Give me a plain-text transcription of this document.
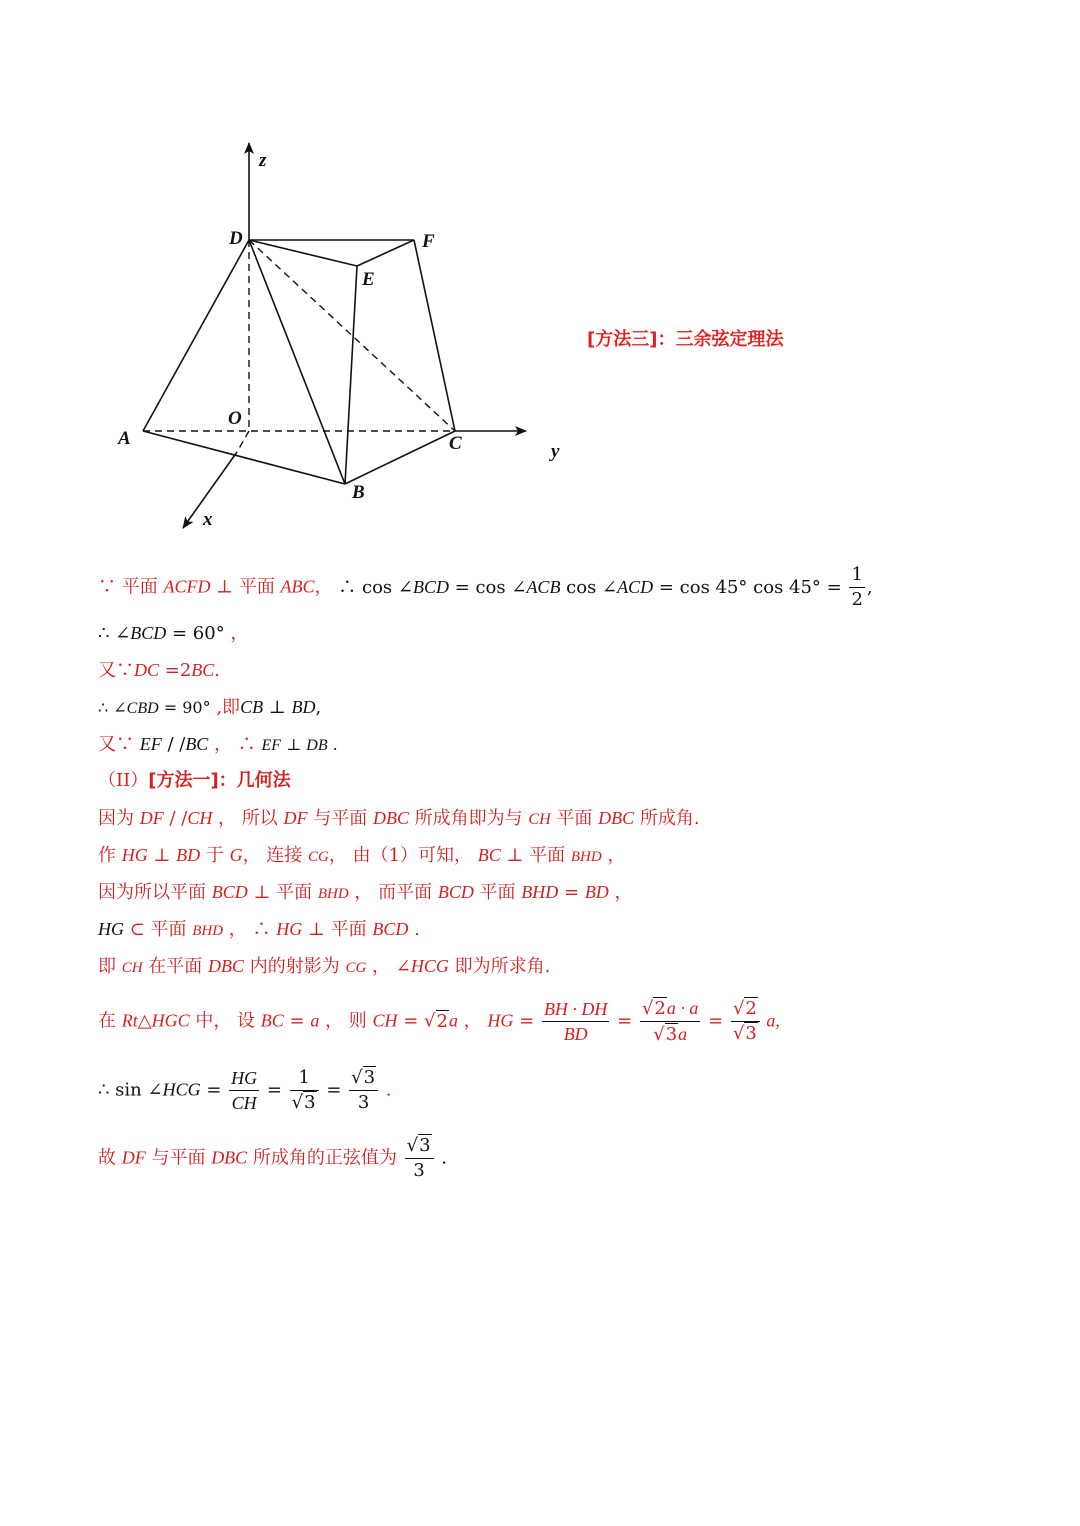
z
D	F
E
O
A	C	y
B
x
[方法三]：三余弦定理法
∵ 平面 ACFD ⊥ 平面 ABC， ∴ cos ∠BCD = cos ∠ACB cos ∠ACD = cos 45° $\cos 45^\circ = \frac{1}{2}$ ,
∴ ∠BCD = 60° ，
又∵DC =2BC.
∴ ∠CBD = 90° ,即CB ⊥ BD,
又∵ EF / /BC ， ∴ EF ⊥ DB .
（II）[方法一]：几何法
因为 DF / /CH ， 所以 DF 与平面 DBC 所成角即为与 CH 平面 DBC 所成角.
作 HG ⊥ BD 于 G， 连接 CG， 由（1）可知， BC ⊥ 平面 BHD ，
因为所以平面 BCD ⊥ 平面 BHD ， 而平面 BCD 平面 BHD = BD ，
HG ⊂ 平面 BHD ， ∴ HG ⊥ 平面 BCD .
即 CH 在平面 DBC 内的射影为 CG ， ∠HCG 即为所求角.
在 Rt△HGC 中， 设 BC = a ， 则 CH = √2a ， HG = $\frac{BH \cdot DH}{BD} = \frac{√2a \cdot a}{√3a} = \frac{√2}{√3} a$,
∴ sin ∠HCG = $\frac{HG}{CH} = \frac{1}{√3} = \frac{√3}{3}$ .
故 DF 与平面 DBC 所成角的正弦值为 $\frac{√3}{3}$ .
